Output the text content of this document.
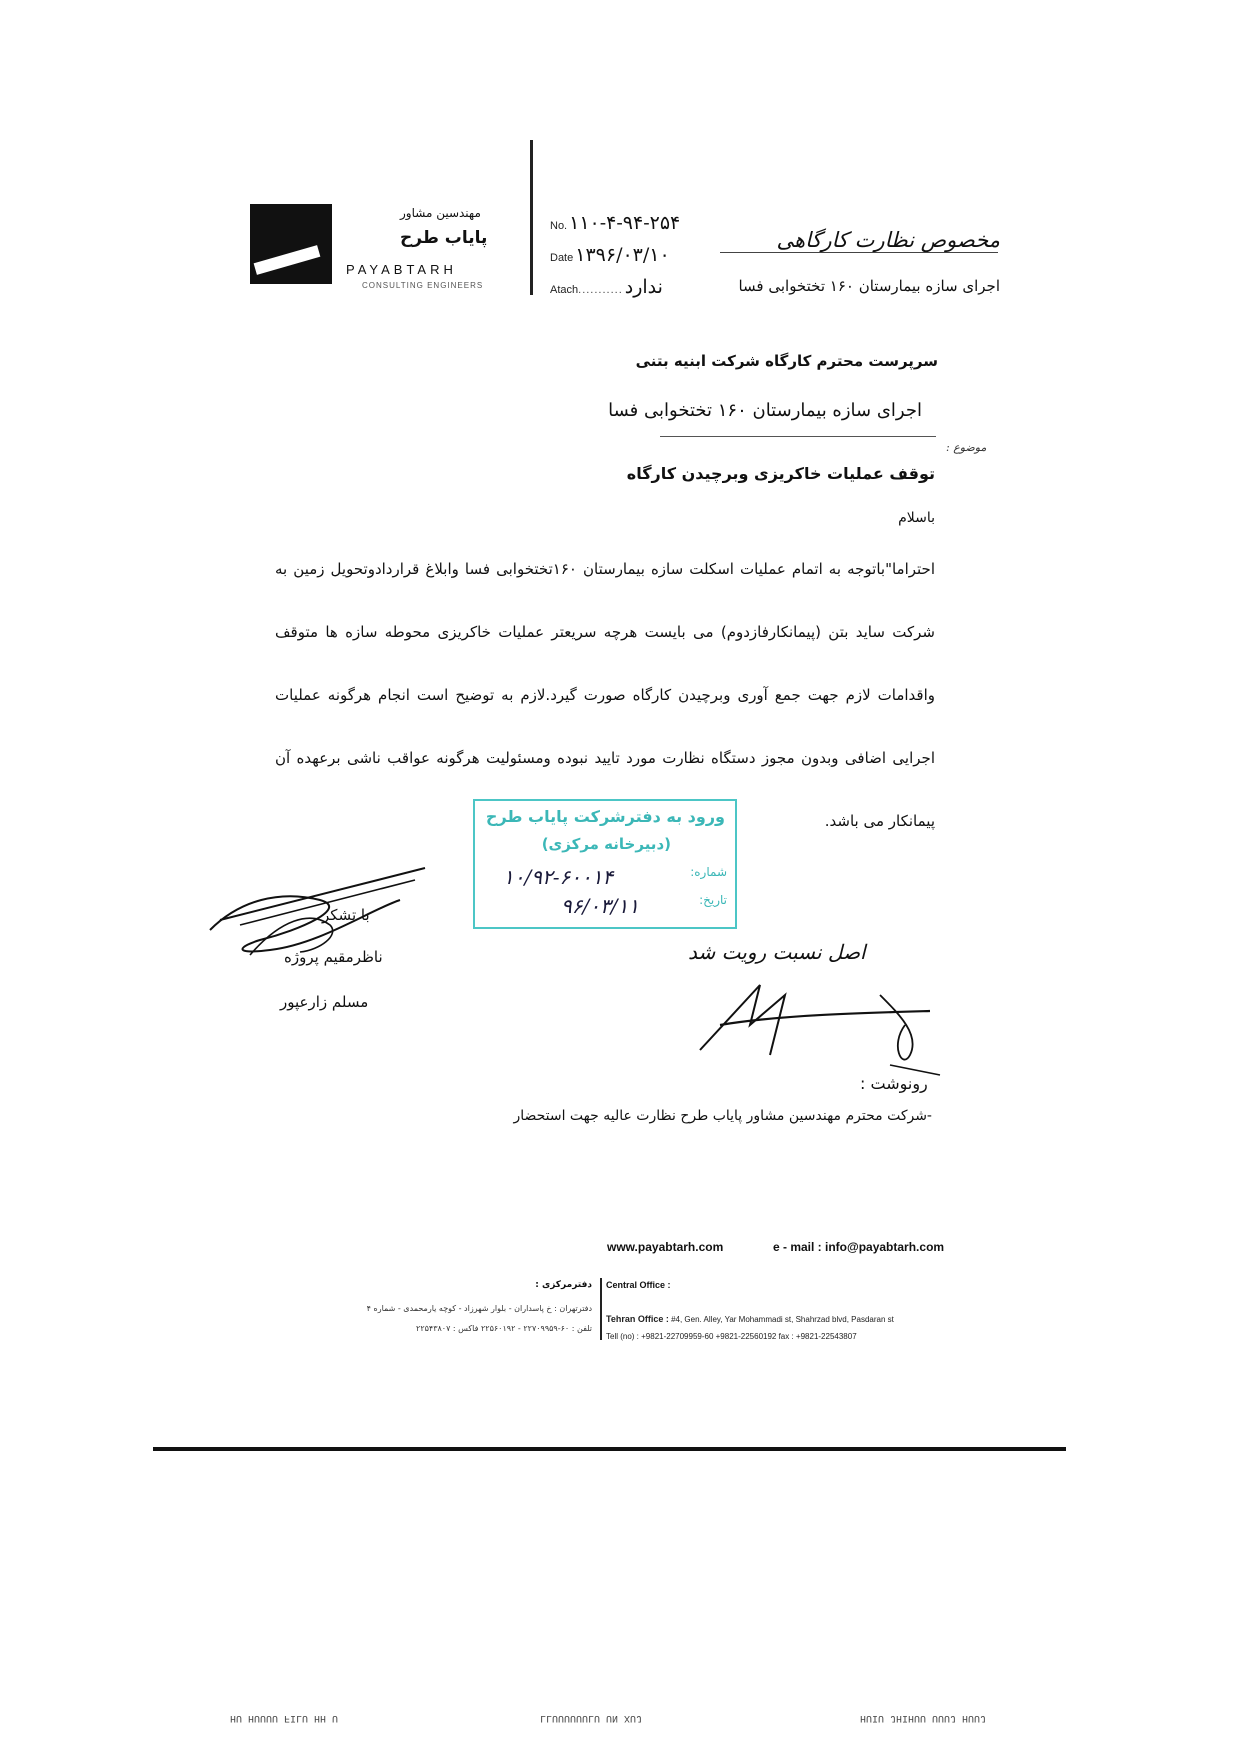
مهندسین مشاور
پایاب طرح
PAYABTARH
CONSULTING ENGINEERS
No. ۱۱۰-۴-۹۴-۲۵۴
Date ۱۳۹۶/۰۳/۱۰
Atach........... ندارد
مخصوص نظارت کارگاهی
اجرای سازه بیمارستان ۱۶۰ تختخوابی فسا
سرپرست محترم کارگاه شرکت ابنیه بتنی
اجرای سازه بیمارستان ۱۶۰ تختخوابی فسا
موضوع :
توقف عملیات خاکریزی وبرچیدن کارگاه
باسلام
احتراما"باتوجه به اتمام عملیات اسکلت سازه بیمارستان ۱۶۰تختخوابی فسا وابلاغ قراردادوتحویل زمین به شرکت ساید بتن (پیمانکارفازدوم) می بایست هرچه سریعتر عملیات خاکریزی محوطه سازه ها متوقف واقدامات لازم جهت جمع آوری وبرچیدن کارگاه صورت گیرد.لازم به توضیح است انجام هرگونه عملیات اجرایی اضافی وبدون مجوز دستگاه نظارت مورد تایید نبوده ومسئولیت هرگونه عواقب ناشی برعهده آن پیمانکار می باشد.
ورود به دفترشرکت پایاب طرح
(دبیرخانه مرکزی)
شماره:
تاریخ:
۱۰/۹۲-۶۰۰۱۴
۹۶/۰۳/۱۱
با تشکر
ناظرمقیم پروژه
مسلم زارعپور
اصل نسبت رویت شد
رونوشت :
-شرکت محترم مهندسین مشاور پایاب طرح نظارت عالیه جهت استحضار
www.payabtarh.com	e - mail : info@payabtarh.com
دفترمرکزی : Central Office :
دفترتهران : خ پاسداران - بلوار شهرزاد - کوچه یارمحمدی - شماره ۴
تلفن : ۶۰-۲۲۷۰۹۹۵۹ - ۲۲۵۶۰۱۹۲ فاکس : ۲۲۵۴۳۸۰۷
Tehran Office : #4, Gen. Alley, Yar Mohammadi st, Shahrzad blvd, Pasdaran st
Tell (no) : +9821-22709959-60 +9821-22560192 fax : +9821-22543807
HU HUUUU FILU HH U	LLUUUUUULU UN XUJ	HUIU JHIHUU UUUJ HUUJ
